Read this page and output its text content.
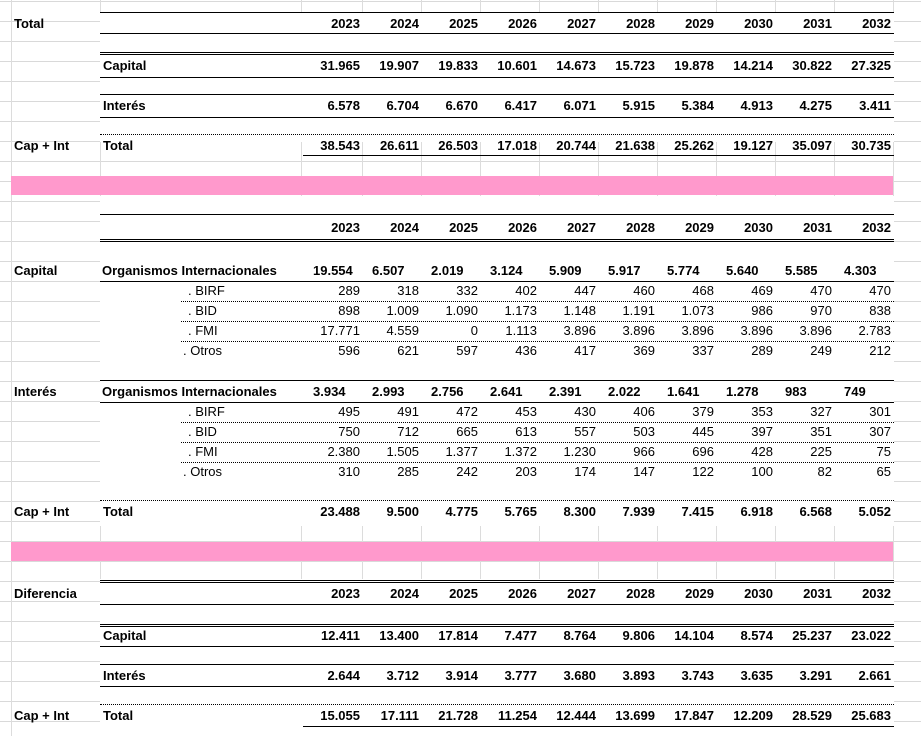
Total
Diferencia
2023	2024	2025	2026	2027	2028	2029	2030	2031	2032
Capital	31.965	19.907	19.833	10.601	14.673	15.723	19.878	14.214	30.822	27.325
Interés	6.578	6.704	6.670	6.417	6.071	5.915	5.384	4.913	4.275	3.411
Cap + Int	Total	38.543	26.611	26.503	17.018	20.744	21.638	25.262	19.127	35.097	30.735
2023	2024	2025	2026	2027	2028	2029	2030	2031	2032
Capital	Organismos Internacionales	19.554 6.507 2.019 3.124 5.909 5.917 5.774 5.640 5.585 4.303
. BIRF	289	318	332	402	447	460	468	469	470	470
. BID	898	1.009	1.090	1.173	1.148	1.191	1.073	986	970	838
. FMI	17.771	4.559	0	1.113	3.896	3.896	3.896	3.896	3.896	2.783
. Otros	596	621	597	436	417	369	337	289	249	212
Interés	Organismos Internacionales	3.934 2.993 2.756 2.641 2.391 2.022 1.641 1.278 983	749
. BIRF	495	491	472	453	430	406	379	353	327	301
. BID	750	712	665	613	557	503	445	397	351	307
. FMI	2.380	1.505	1.377	1.372	1.230	966	696	428	225	75
. Otros	310	285	242	203	174	147	122	100	82	65
Cap + Int	Total	23.488	9.500	4.775	5.765	8.300	7.939	7.415	6.918	6.568	5.052
2023	2024	2025	2026	2027	2028	2029	2030	2031	2032
Capital	12.411	13.400	17.814	7.477	8.764	9.806	14.104	8.574	25.237	23.022
Interés	2.644	3.712	3.914	3.777	3.680	3.893	3.743	3.635	3.291	2.661
Cap + Int	Total	15.055	17.111	21.728	11.254	12.444	13.699	17.847	12.209	28.529	25.683
